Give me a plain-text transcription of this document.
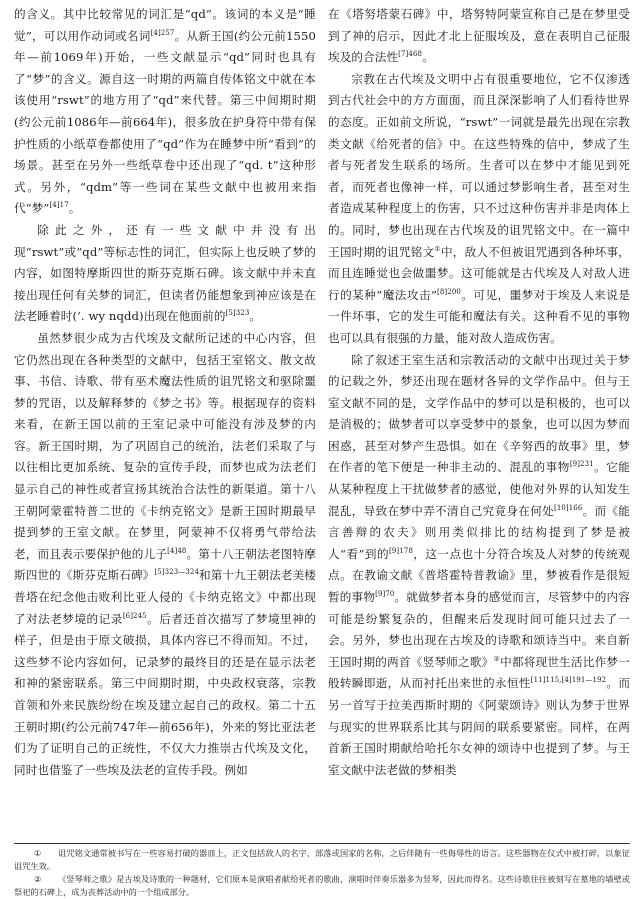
的含义。其中比较常见的词汇是“qd”。该词的本义是“睡觉”，可以用作动词或名词$^{[4]257}$。从新王国(约公元前1550年—前1069年)开始，一些文献显示“qd”同时也具有了“梦”的含义。源自这一时期的两篇自传体铭文中就在本该使用“rswt”的地方用了“qd”来代替。第三中间期时期(约公元前1086年—前664年)，很多放在护身符中带有保护性质的小纸草卷都使用了“qd”作为在睡梦中所“看到”的场景。甚至在另外一些纸草卷中还出现了“qd. t”这种形式。另外，“qdm”等一些词在某些文献中也被用来指代“梦”$^{[4]17}$。

除此之外，还有一些文献中并没有出现“rswt”或“qd”等标志性的词汇，但实际上也反映了梦的内容，如图特摩斯四世的斯芬克斯石碑。该文献中并未直接出现任何有关梦的词汇，但读者仍能想象到神应该是在法老睡着时(‘. wy nqdd)出现在他面前的$^{[5]323}$。

虽然梦很少成为古代埃及文献所记述的中心内容，但它仍然出现在各种类型的文献中，包括王室铭文、散文故事、书信、诗歌、带有巫术魔法性质的诅咒铭文和驱除噩梦的咒语，以及解释梦的《梦之书》等。根据现存的资料来看，在新王国以前的王室记录中可能没有涉及梦的内容。新王国时期，为了巩固自己的统治，法老们采取了与以往相比更加系统、复杂的宣传手段，而梦也成为法老们显示自己的神性或者宣扬其统治合法性的新渠道。第十八王朝阿蒙霍特普二世的《卡纳克铭文》是新王国时期最早提到梦的王室文献。在梦里，阿蒙神不仅将勇气带给法老，而且表示要保护他的儿子$^{[4]48}$。第十八王朝法老图特摩斯四世的《斯芬克斯石碑》$^{[5]323—324}$和第十九王朝法老美楼普塔在纪念他击败利比亚人侵的《卡纳克铭文》中都出现了对法老梦境的记录$^{[6]245}$。后者还首次描写了梦境里神的样子，但是由于原文破损，具体内容已不得而知。不过，这些梦不论内容如何，记录梦的最终目的还是在显示法老和神的紧密联系。第三中间期时期，中央政权衰落，宗教首领和外来民族纷纷在埃及建立起自己的政权。第二十五王朝时期(约公元前747年—前656年)，外来的努比亚法老们为了证明自己的正统性，不仅大力推崇古代埃及文化，同时也借鉴了一些埃及法老的宣传手段。例如

在《塔努塔蒙石碑》中，塔努特阿蒙宣称自己是在梦里受到了神的启示，因此才北上征服埃及，意在表明自己征服埃及的合法性$^{[7]468}$。

宗教在古代埃及文明中占有很重要地位，它不仅渗透到古代社会中的方方面面，而且深深影响了人们看待世界的态度。正如前文所说，“rswt”一词就是最先出现在宗教类文献《给死者的信》中。在这些特殊的信中，梦成了生者与死者发生联系的场所。生者可以在梦中才能见到死者，而死者也像神一样，可以通过梦影响生者，甚至对生者造成某种程度上的伤害，只不过这种伤害并非是肉体上的。同时，梦也出现在古代埃及的诅咒铭文中。在一篇中王国时期的诅咒铭文①中，敌人不但被诅咒遇到各种坏事，而且连睡觉也会做噩梦。这可能就是古代埃及人对敌人进行的某种“魔法攻击”$^{[8]200}$。可见，噩梦对于埃及人来说是一件坏事，它的发生可能和魔法有关。这种看不见的事物也可以具有很强的力量，能对敌人造成伤害。

除了叙述王室生活和宗教活动的文献中出现过关于梦的记载之外，梦还出现在题材各异的文学作品中。但与王室文献不同的是，文学作品中的梦可以是积极的，也可以是消极的；做梦者可以享受梦中的景象，也可以因为梦而困惑，甚至对梦产生恐惧。如在《辛努西的故事》里，梦在作者的笔下便是一种非主动的、混乱的事物$^{[9]231}$。它能从某种程度上干扰做梦者的感觉，使他对外界的认知发生混乱，导致在梦中弄不清自己究竟身在何处$^{[10]166}$。而《能言善辩的农夫》则用类似排比的结构提到了梦是被人“看”到的$^{[9]178}$，这一点也十分符合埃及人对梦的传统观点。在教谕文献《普塔霍特普教谕》里，梦被看作是很短暂的事物$^{[9]70}$。就做梦者本身的感觉而言，尽管梦中的内容可能是纷繁复杂的，但醒来后发现时间可能只过去了一会。另外，梦也出现在古埃及的诗歌和颂诗当中。来自新王国时期的两首《竖琴师之歌》②中都将现世生活比作梦一般转瞬即逝，从而衬托出来世的永恒性$^{[11]115,[4]191—192}$。而另一首写于拉美西斯时期的《阿蒙颂诗》则认为梦于世界与现实的世界联系比其与阴间的联系要紧密。同样，在两首新王国时期献给哈托尔女神的颂诗中也提到了梦。与王室文献中法老做的梦相类

① 诅咒铭文通常被书写在一些容易打破的器皿上，正文包括敌人的名字、部落或国家的名称，之后伴随有一些侮辱性的语言。这些器物在仪式中被打碎，以象征诅咒生效。

② 《竖琴师之歌》是古埃及诗歌的一种题材，它们原本是演唱者献给死者的歌曲，演唱时伴奏乐器多为竖琴，因此而得名。这些诗歌往往被刻写在墓地的墙壁或祭祀的石碑上，成为丧葬活动中的一个组成部分。
